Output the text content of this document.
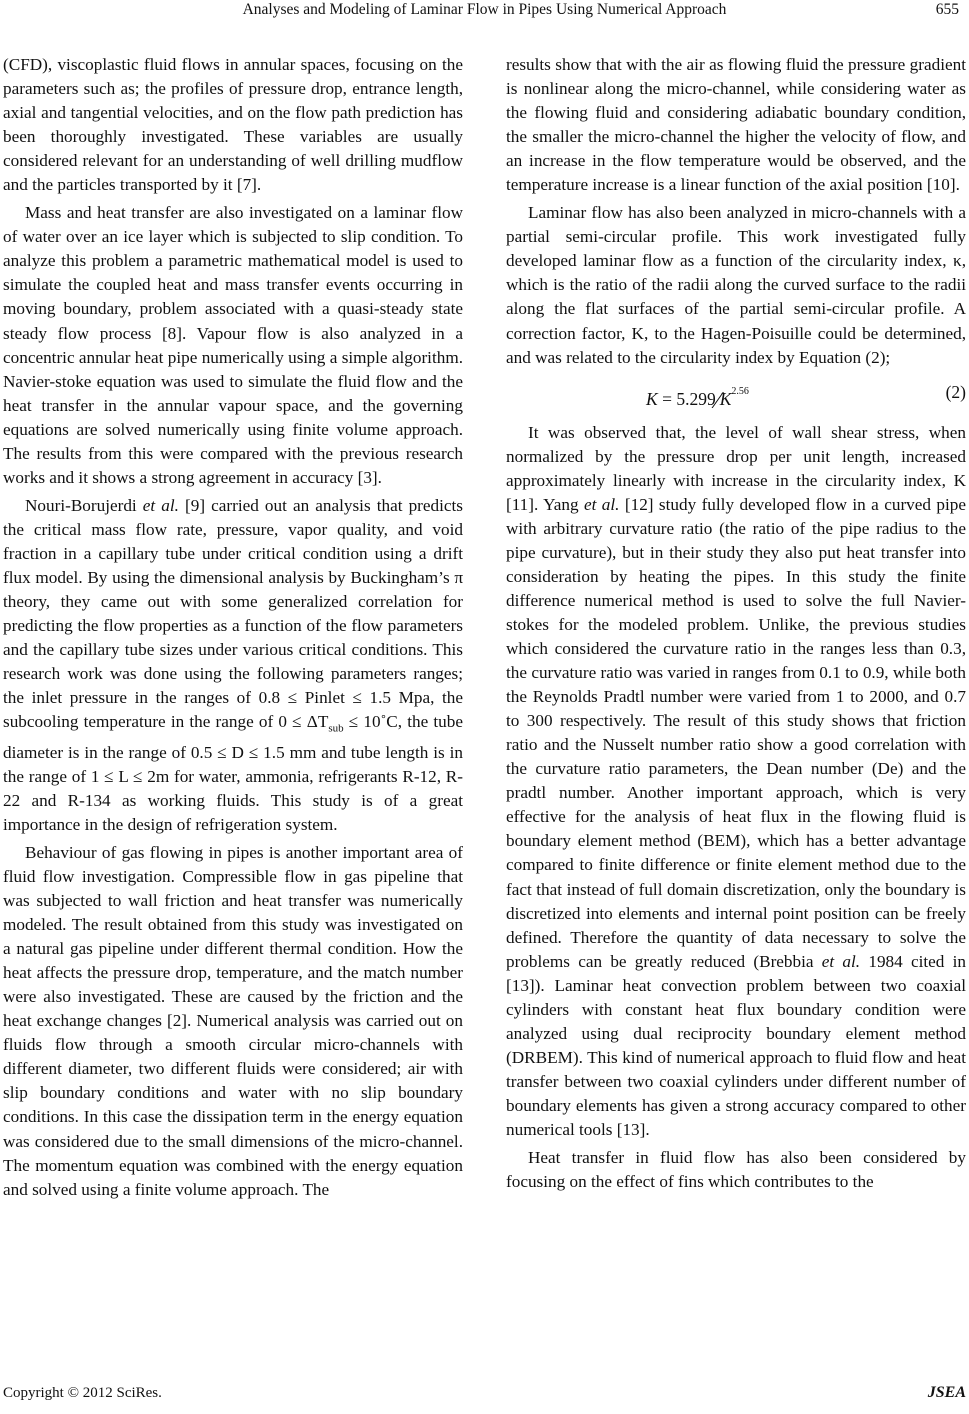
Analyses and Modeling of Laminar Flow in Pipes Using Numerical Approach	655

(CFD), viscoplastic fluid flows in annular spaces, focusing on the parameters such as; the profiles of pressure drop, entrance length, axial and tangential velocities, and on the flow path prediction has been thoroughly investigated. These variables are usually considered relevant for an understanding of well drilling mudflow and the particles transported by it [7].

Mass and heat transfer are also investigated on a laminar flow of water over an ice layer which is subjected to slip condition. To analyze this problem a parametric mathematical model is used to simulate the coupled heat and mass transfer events occurring in moving boundary, problem associated with a quasi-steady state steady flow process [8]. Vapour flow is also analyzed in a concentric annular heat pipe numerically using a simple algorithm. Navier-stoke equation was used to simulate the fluid flow and the heat transfer in the annular vapour space, and the governing equations are solved numerically using finite volume approach. The results from this were compared with the previous research works and it shows a strong agreement in accuracy [3].

Nouri-Borujerdi et al. [9] carried out an analysis that predicts the critical mass flow rate, pressure, vapor quality, and void fraction in a capillary tube under critical condition using a drift flux model. By using the dimensional analysis by Buckingham’s π theory, they came out with some generalized correlation for predicting the flow properties as a function of the flow parameters and the capillary tube sizes under various critical conditions. This research work was done using the following parameters ranges; the inlet pressure in the ranges of 0.8 ≤ Pinlet ≤ 1.5 Mpa, the subcooling temperature in the range of $0 \le \Delta T_{sub}$ ≤ 10˚C, the tube diameter is in the range of 0.5 ≤ D ≤ 1.5 mm and tube length is in the range of 1 ≤ L ≤ 2m for water, ammonia, refrigerants R-12, R-22 and R-134 as working fluids. This study is of a great importance in the design of refrigeration system.

Behaviour of gas flowing in pipes is another important area of fluid flow investigation. Compressible flow in gas pipeline that was subjected to wall friction and heat transfer was numerically modeled. The result obtained from this study was investigated on a natural gas pipeline under different thermal condition. How the heat affects the pressure drop, temperature, and the match number were also investigated. These are caused by the friction and the heat exchange changes [2]. Numerical analysis was carried out on fluids flow through a smooth circular micro-channels with different diameter, two different fluids were considered; air with slip boundary conditions and water with no slip boundary conditions. In this case the dissipation term in the energy equation was considered due to the small dimensions of the micro-channel. The momentum equation was combined with the energy equation and solved using a finite volume approach. The

results show that with the air as flowing fluid the pressure gradient is nonlinear along the micro-channel, while considering water as the flowing fluid and considering adiabatic boundary condition, the smaller the micro-channel the higher the velocity of flow, and an increase in the flow temperature would be observed, and the temperature increase is a linear function of the axial position [10].

Laminar flow has also been analyzed in micro-channels with a partial semi-circular profile. This work investigated fully developed laminar flow as a function of the circularity index, κ, which is the ratio of the radii along the curved surface to the radii along the flat surfaces of the partial semi-circular profile. A correction factor, K, to the Hagen-Poisuille could be determined, and was related to the circularity index by Equation (2);

$K = 5.299⁄K^{2.56}$	(2)

It was observed that, the level of wall shear stress, when normalized by the pressure drop per unit length, increased approximately linearly with increase in the circularity index, K [11]. Yang et al. [12] study fully developed flow in a curved pipe with arbitrary curvature ratio (the ratio of the pipe radius to the pipe curvature), but in their study they also put heat transfer into consideration by heating the pipes. In this study the finite difference numerical method is used to solve the full Navier-stokes for the modeled problem. Unlike, the previous studies which considered the curvature ratio in the ranges less than 0.3, the curvature ratio was varied in ranges from 0.1 to 0.9, while both the Reynolds Pradtl number were varied from 1 to 2000, and 0.7 to 300 respectively. The result of this study shows that friction ratio and the Nusselt number ratio show a good correlation with the curvature ratio parameters, the Dean number (De) and the pradtl number. Another important approach, which is very effective for the analysis of heat flux in the flowing fluid is boundary element method (BEM), which has a better advantage compared to finite difference or finite element method due to the fact that instead of full domain discretization, only the boundary is discretized into elements and internal point position can be freely defined. Therefore the quantity of data necessary to solve the problems can be greatly reduced (Brebbia et al. 1984 cited in [13]). Laminar heat convection problem between two coaxial cylinders with constant heat flux boundary condition were analyzed using dual reciprocity boundary element method (DRBEM). This kind of numerical approach to fluid flow and heat transfer between two coaxial cylinders under different number of boundary elements has given a strong accuracy compared to other numerical tools [13].

Heat transfer in fluid flow has also been considered by focusing on the effect of fins which contributes to the

Copyright © 2012 SciRes.	JSEA
